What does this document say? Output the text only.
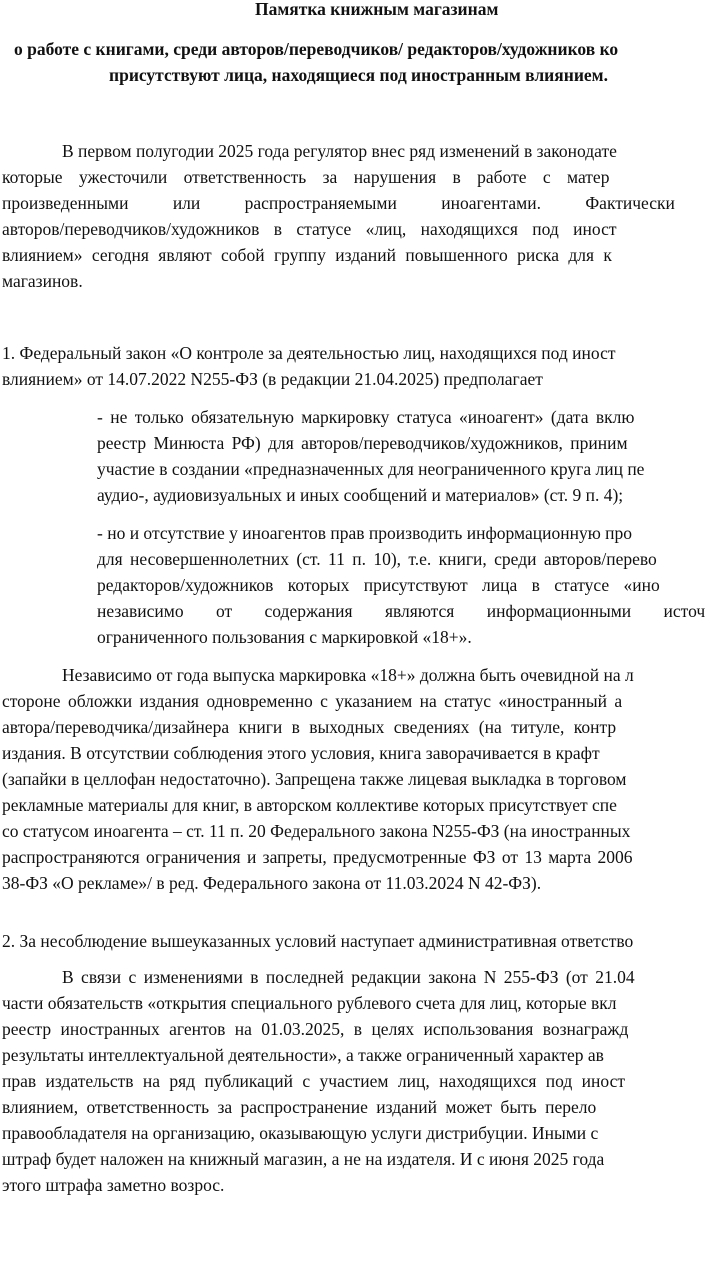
Памятка книжным магазинам
о работе с книгами, среди авторов/переводчиков/ редакторов/художников ко
присутствуют лица, находящиеся под иностранным влиянием.
В первом полугодии 2025 года регулятор внес ряд изменений в законодате
которые ужесточили ответственность за нарушения в работе с матер
произведенными или распространяемыми иноагентами. Фактически
авторов/переводчиков/художников в статусе «лиц, находящихся под иност
влиянием» сегодня являют собой группу изданий повышенного риска для к
магазинов.
1. Федеральный закон «О контроле за деятельностью лиц, находящихся под иност
влиянием» от 14.07.2022 N255-ФЗ (в редакции 21.04.2025) предполагает
- не только обязательную маркировку статуса «иноагент» (дата вклю
реестр Минюста РФ) для авторов/переводчиков/художников, приним
участие в создании «предназначенных для неограниченного круга лиц пе
аудио-, аудиовизуальных и иных сообщений и материалов» (ст. 9 п. 4);
- но и отсутствие у иноагентов прав производить информационную про
для несовершеннолетних (ст. 11 п. 10), т.е. книги, среди авторов/перево
редакторов/художников которых присутствуют лица в статусе «ино
независимо от содержания являются информационными источ
ограниченного пользования с маркировкой «18+».
Независимо от года выпуска маркировка «18+» должна быть очевидной на л
стороне обложки издания одновременно с указанием на статус «иностранный а
автора/переводчика/дизайнера книги в выходных сведениях (на титуле, контр
издания. В отсутствии соблюдения этого условия, книга заворачивается в крафт
(запайки в целлофан недостаточно). Запрещена также лицевая выкладка в торговом
рекламные материалы для книг, в авторском коллективе которых присутствует спе
со статусом иноагента – ст. 11 п. 20 Федерального закона N255-ФЗ (на иностранных
распространяются ограничения и запреты, предусмотренные ФЗ от 13 марта 2006
38-ФЗ «О рекламе»/ в ред. Федерального закона от 11.03.2024 N 42-ФЗ).
2. За несоблюдение вышеуказанных условий наступает административная ответство
В связи с изменениями в последней редакции закона N 255-ФЗ (от 21.04
части обязательств «открытия специального рублевого счета для лиц, которые вкл
реестр иностранных агентов на 01.03.2025, в целях использования вознагражд
результаты интеллектуальной деятельности», а также ограниченный характер ав
прав издательств на ряд публикаций с участием лиц, находящихся под иност
влиянием, ответственность за распространение изданий может быть перело
правообладателя на организацию, оказывающую услуги дистрибуции. Иными с
штраф будет наложен на книжный магазин, а не на издателя. И с июня 2025 года
этого штрафа заметно возрос.
